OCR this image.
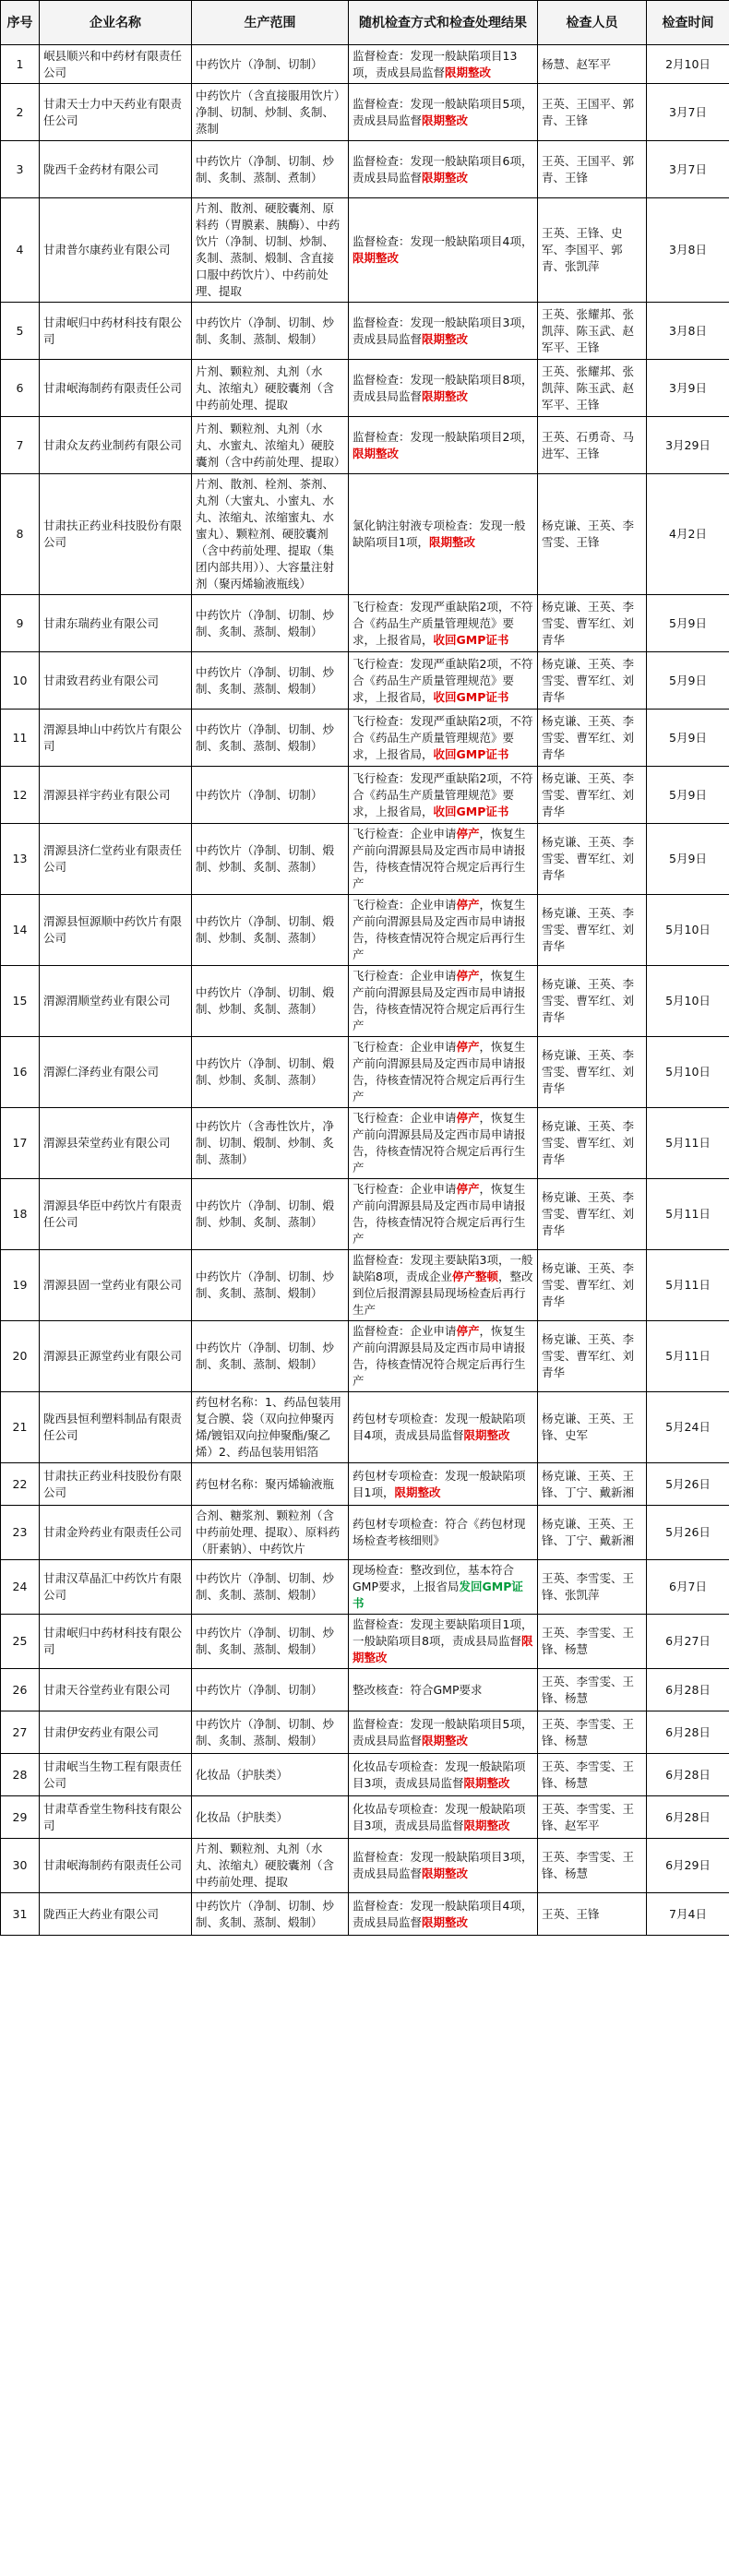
序号	企业名称	生产范围	随机检查方式和检查处理结果	检查人员	检查时间
1	岷县顺兴和中药材有限责任公司	中药饮片（净制、切制）	监督检查：发现一般缺陷项目13项，责成县局监督限期整改	杨慧、赵军平	2月10日
2	甘肃天士力中天药业有限责任公司	中药饮片（含直接服用饮片）净制、切制、炒制、炙制、蒸制	监督检查：发现一般缺陷项目5项，责成县局监督限期整改	王英、王国平、郭青、王锋	3月7日
3	陇西千金药材有限公司	中药饮片（净制、切制、炒制、炙制、蒸制、煮制）	监督检查：发现一般缺陷项目6项，责成县局监督限期整改	王英、王国平、郭青、王锋	3月7日
4	甘肃普尔康药业有限公司	片剂、散剂、硬胶囊剂、原料药（胃膜素、胰酶）、中药饮片（净制、切制、炒制、炙制、蒸制、煅制、含直接口服中药饮片）、中药前处理、提取	监督检查：发现一般缺陷项目4项，限期整改	王英、王锋、史军、李国平、郭青、张凯萍	3月8日
5	甘肃岷归中药材科技有限公司	中药饮片（净制、切制、炒制、炙制、蒸制、煅制）	监督检查：发现一般缺陷项目3项，责成县局监督限期整改	王英、张耀邦、张凯萍、陈玉武、赵军平、王锋	3月8日
6	甘肃岷海制药有限责任公司	片剂、颗粒剂、丸剂（水丸、浓缩丸）硬胶囊剂（含中药前处理、提取	监督检查：发现一般缺陷项目8项，责成县局监督限期整改	王英、张耀邦、张凯萍、陈玉武、赵军平、王锋	3月9日
7	甘肃众友药业制药有限公司	片剂、颗粒剂、丸剂（水丸、水蜜丸、浓缩丸）硬胶囊剂（含中药前处理、提取）	监督检查：发现一般缺陷项目2项，限期整改	王英、石勇奇、马进军、王锋	3月29日
8	甘肃扶正药业科技股份有限公司	片剂、散剂、栓剂、茶剂、丸剂（大蜜丸、小蜜丸、水丸、浓缩丸、浓缩蜜丸、水蜜丸）、颗粒剂、硬胶囊剂（含中药前处理、提取（集团内部共用））、大容量注射剂（聚丙烯输液瓶线）	氯化钠注射液专项检查：发现一般缺陷项目1项，限期整改	杨克谦、王英、李雪雯、王锋	4月2日
9	甘肃东瑞药业有限公司	中药饮片（净制、切制、炒制、炙制、蒸制、煅制）	飞行检查：发现严重缺陷2项，不符合《药品生产质量管理规范》要求，上报省局，收回GMP证书	杨克谦、王英、李雪雯、曹军红、刘青华	5月9日
10	甘肃致君药业有限公司	中药饮片（净制、切制、炒制、炙制、蒸制、煅制）	飞行检查：发现严重缺陷2项，不符合《药品生产质量管理规范》要求，上报省局，收回GMP证书	杨克谦、王英、李雪雯、曹军红、刘青华	5月9日
11	渭源县坤山中药饮片有限公司	中药饮片（净制、切制、炒制、炙制、蒸制、煅制）	飞行检查：发现严重缺陷2项，不符合《药品生产质量管理规范》要求，上报省局，收回GMP证书	杨克谦、王英、李雪雯、曹军红、刘青华	5月9日
12	渭源县祥宇药业有限公司	中药饮片（净制、切制）	飞行检查：发现严重缺陷2项，不符合《药品生产质量管理规范》要求，上报省局，收回GMP证书	杨克谦、王英、李雪雯、曹军红、刘青华	5月9日
13	渭源县济仁堂药业有限责任公司	中药饮片（净制、切制、煅制、炒制、炙制、蒸制）	飞行检查：企业申请停产，恢复生产前向渭源县局及定西市局申请报告，待核查情况符合规定后再行生产	杨克谦、王英、李雪雯、曹军红、刘青华	5月9日
14	渭源县恒源顺中药饮片有限公司	中药饮片（净制、切制、煅制、炒制、炙制、蒸制）	飞行检查：企业申请停产，恢复生产前向渭源县局及定西市局申请报告，待核查情况符合规定后再行生产	杨克谦、王英、李雪雯、曹军红、刘青华	5月10日
15	渭源渭顺堂药业有限公司	中药饮片（净制、切制、煅制、炒制、炙制、蒸制）	飞行检查：企业申请停产，恢复生产前向渭源县局及定西市局申请报告，待核查情况符合规定后再行生产	杨克谦、王英、李雪雯、曹军红、刘青华	5月10日
16	渭源仁泽药业有限公司	中药饮片（净制、切制、煅制、炒制、炙制、蒸制）	飞行检查：企业申请停产，恢复生产前向渭源县局及定西市局申请报告，待核查情况符合规定后再行生产	杨克谦、王英、李雪雯、曹军红、刘青华	5月10日
17	渭源县荣堂药业有限公司	中药饮片（含毒性饮片，净制、切制、煅制、炒制、炙制、蒸制）	飞行检查：企业申请停产，恢复生产前向渭源县局及定西市局申请报告，待核查情况符合规定后再行生产	杨克谦、王英、李雪雯、曹军红、刘青华	5月11日
18	渭源县华臣中药饮片有限责任公司	中药饮片（净制、切制、煅制、炒制、炙制、蒸制）	飞行检查：企业申请停产，恢复生产前向渭源县局及定西市局申请报告，待核查情况符合规定后再行生产	杨克谦、王英、李雪雯、曹军红、刘青华	5月11日
19	渭源县固一堂药业有限公司	中药饮片（净制、切制、炒制、炙制、蒸制、煅制）	监督检查：发现主要缺陷3项，一般缺陷8项，责成企业停产整顿，整改到位后报渭源县局现场检查后再行生产	杨克谦、王英、李雪雯、曹军红、刘青华	5月11日
20	渭源县正源堂药业有限公司	中药饮片（净制、切制、炒制、炙制、蒸制、煅制）	监督检查：企业申请停产，恢复生产前向渭源县局及定西市局申请报告，待核查情况符合规定后再行生产	杨克谦、王英、李雪雯、曹军红、刘青华	5月11日
21	陇西县恒利塑料制品有限责任公司	药包材名称：1、药品包装用复合膜、袋（双向拉伸聚丙烯/镀铝双向拉伸聚酯/聚乙烯）2、药品包装用铝箔	药包材专项检查：发现一般缺陷项目4项，责成县局监督限期整改	杨克谦、王英、王锋、史军	5月24日
22	甘肃扶正药业科技股份有限公司	药包材名称：聚丙烯输液瓶	药包材专项检查：发现一般缺陷项目1项，限期整改	杨克谦、王英、王锋、丁宁、戴新湘	5月26日
23	甘肃金羚药业有限责任公司	合剂、糖浆剂、颗粒剂（含中药前处理、提取）、原料药（肝素钠）、中药饮片	药包材专项检查：符合《药包材现场检查考核细则》	杨克谦、王英、王锋、丁宁、戴新湘	5月26日
24	甘肃汉草晶汇中药饮片有限公司	中药饮片（净制、切制、炒制、炙制、蒸制、煅制）	现场检查：整改到位，基本符合GMP要求，上报省局发回GMP证书	王英、李雪雯、王锋、张凯萍	6月7日
25	甘肃岷归中药材科技有限公司	中药饮片（净制、切制、炒制、炙制、蒸制、煅制）	监督检查：发现主要缺陷项目1项，一般缺陷项目8项，责成县局监督限期整改	王英、李雪雯、王锋、杨慧	6月27日
26	甘肃天谷堂药业有限公司	中药饮片（净制、切制）	整改核查：符合GMP要求	王英、李雪雯、王锋、杨慧	6月28日
27	甘肃伊安药业有限公司	中药饮片（净制、切制、炒制、炙制、蒸制、煅制）	监督检查：发现一般缺陷项目5项，责成县局监督限期整改	王英、李雪雯、王锋、杨慧	6月28日
28	甘肃岷当生物工程有限责任公司	化妆品（护肤类）	化妆品专项检查：发现一般缺陷项目3项，责成县局监督限期整改	王英、李雪雯、王锋、杨慧	6月28日
29	甘肃草香堂生物科技有限公司	化妆品（护肤类）	化妆品专项检查：发现一般缺陷项目3项，责成县局监督限期整改	王英、李雪雯、王锋、赵军平	6月28日
30	甘肃岷海制药有限责任公司	片剂、颗粒剂、丸剂（水丸、浓缩丸）硬胶囊剂（含中药前处理、提取	监督检查：发现一般缺陷项目3项，责成县局监督限期整改	王英、李雪雯、王锋、杨慧	6月29日
31	陇西正大药业有限公司	中药饮片（净制、切制、炒制、炙制、蒸制、煅制）	监督检查：发现一般缺陷项目4项，责成县局监督限期整改	王英、王锋	7月4日
